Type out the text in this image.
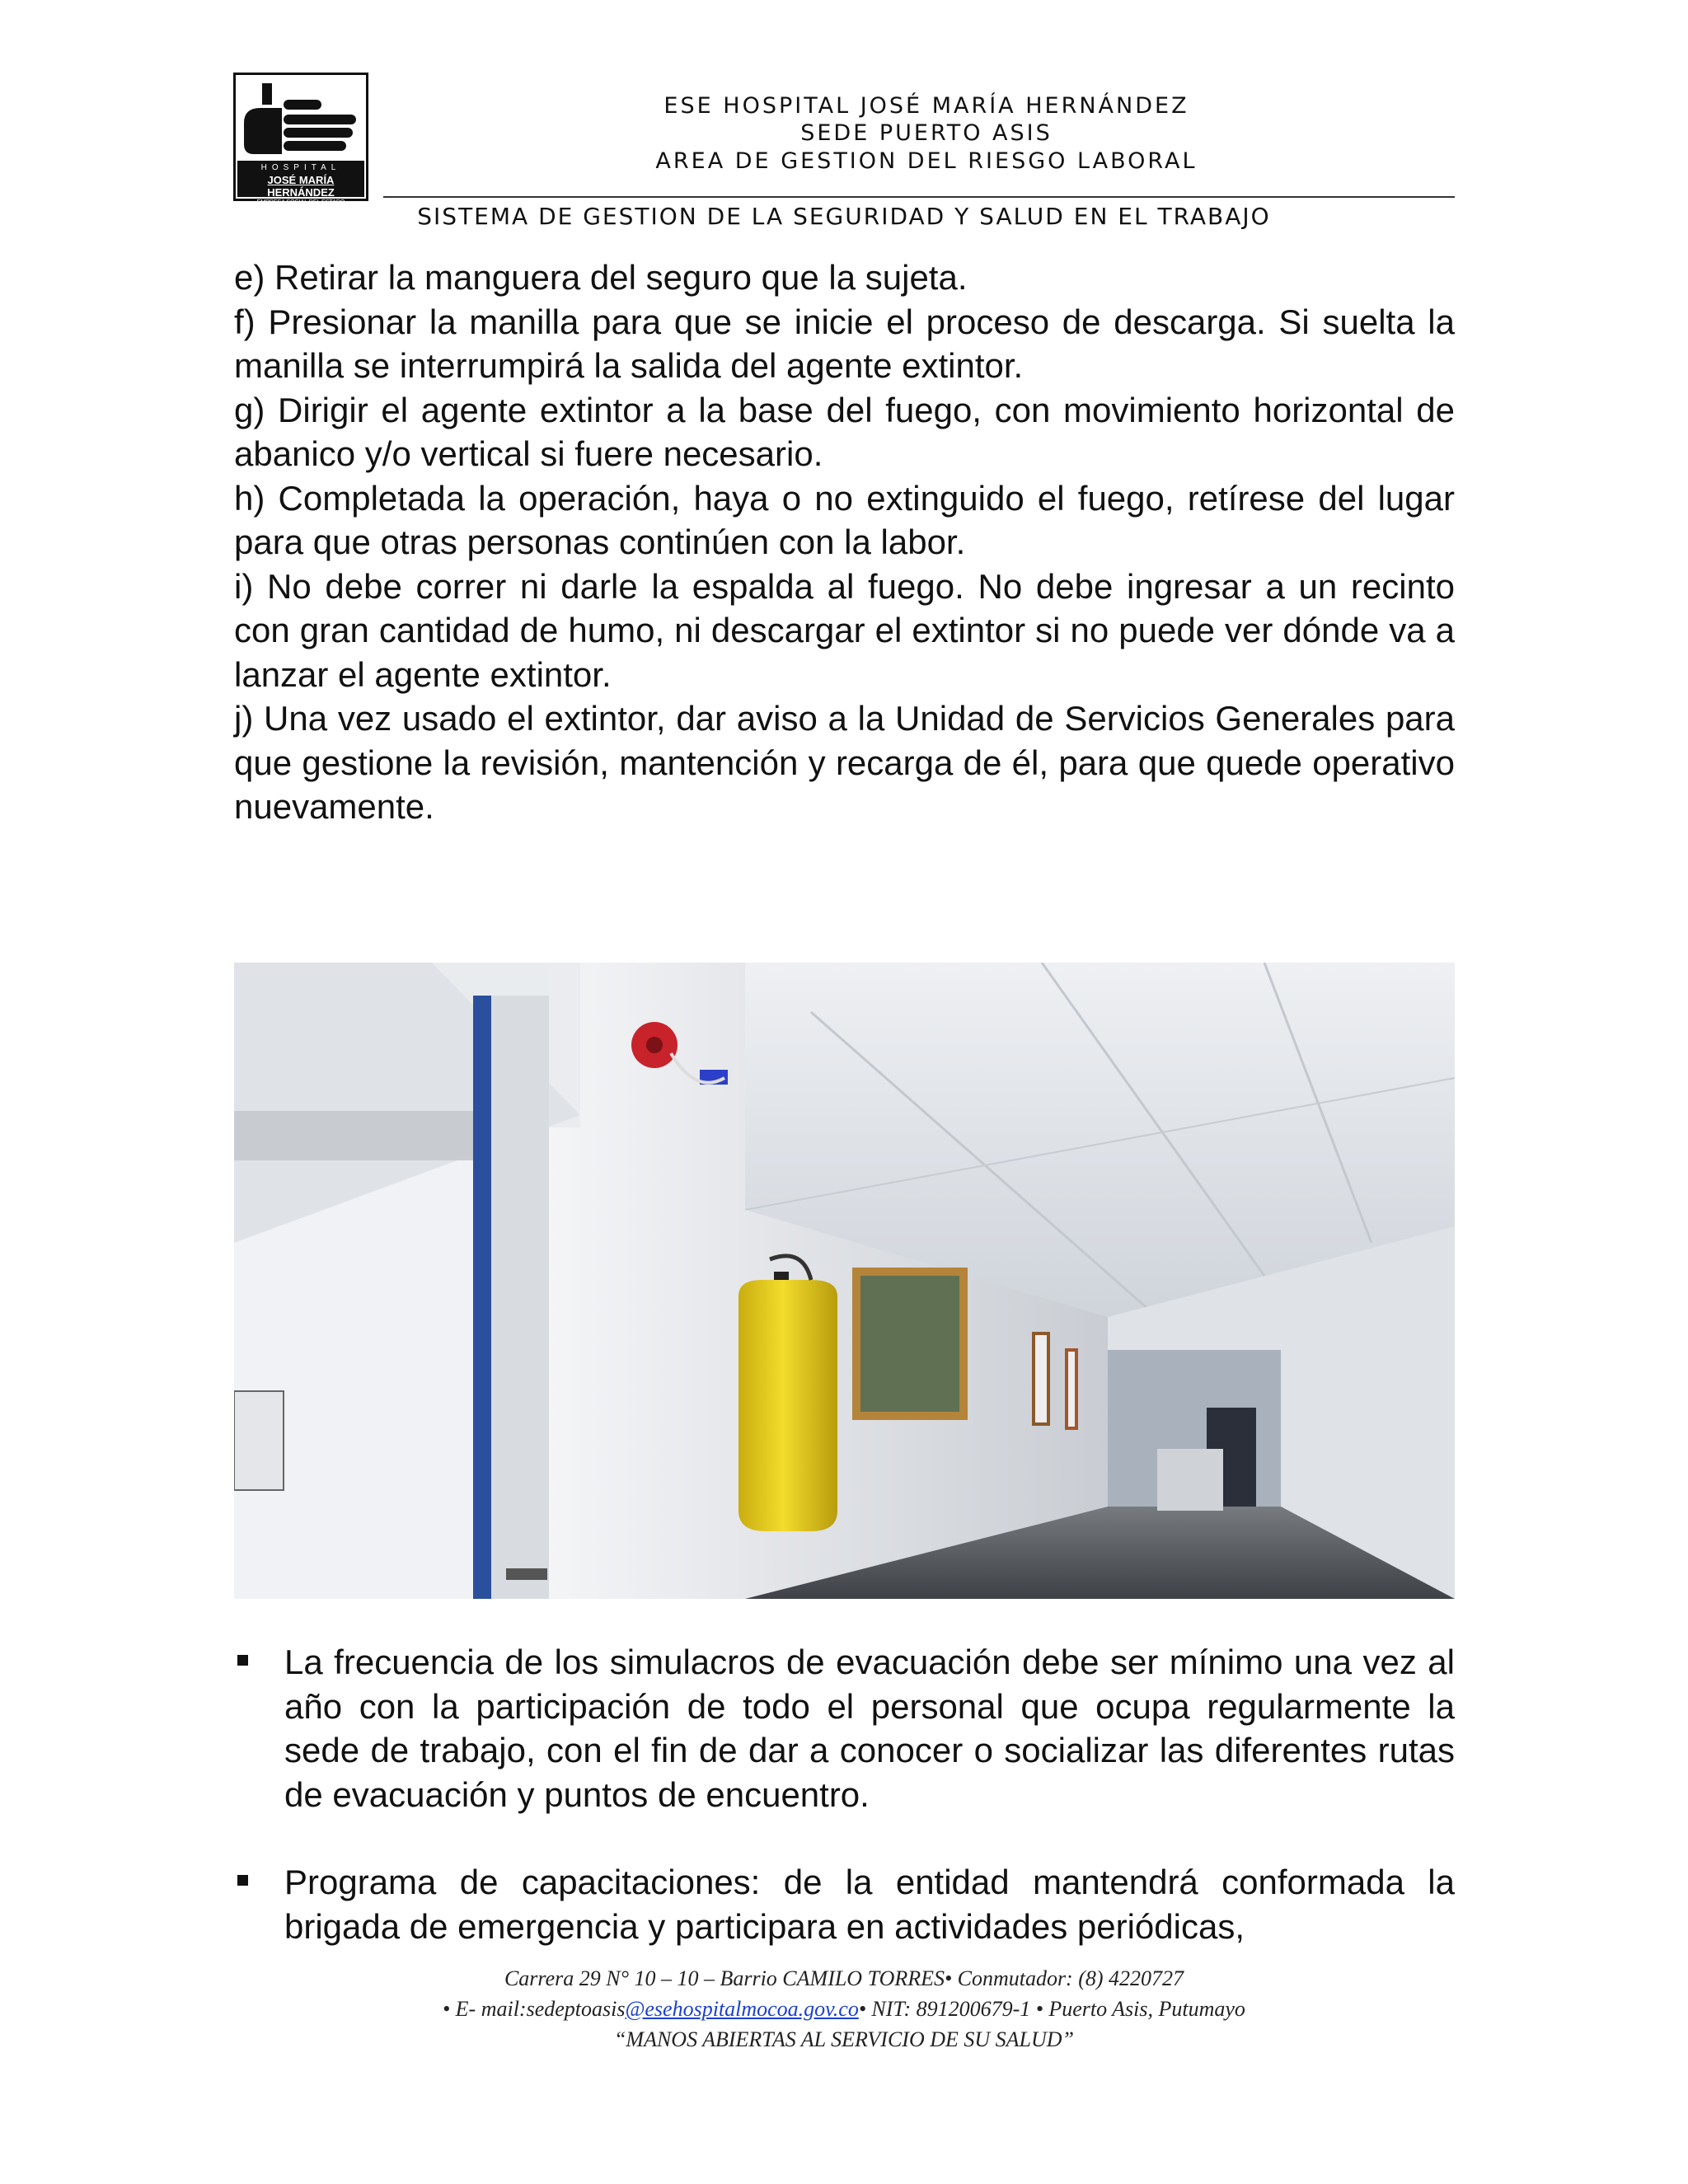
HOSPITAL
JOSÉ MARÍA HERNÁNDEZ
EMPRESA SOCIAL DEL ESTADO
ESE HOSPITAL JOSÉ MARÍA HERNÁNDEZ
SEDE PUERTO ASIS
AREA DE GESTION DEL RIESGO LABORAL
SISTEMA DE GESTION DE LA SEGURIDAD Y SALUD EN EL TRABAJO

e) Retirar la manguera del seguro que la sujeta.

f) Presionar la manilla para que se inicie el proceso de descarga. Si suelta la manilla se interrumpirá la salida del agente extintor.

g) Dirigir el agente extintor a la base del fuego, con movimiento horizontal de abanico y/o vertical si fuere necesario.

h) Completada la operación, haya o no extinguido el fuego, retírese del lugar para que otras personas continúen con la labor.

i) No debe correr ni darle la espalda al fuego. No debe ingresar a un recinto con gran cantidad de humo, ni descargar el extintor si no puede ver dónde va a lanzar el agente extintor.

j) Una vez usado el extintor, dar aviso a la Unidad de Servicios Generales para que gestione la revisión, mantención y recarga de él, para que quede operativo nuevamente.

La frecuencia de los simulacros de evacuación debe ser mínimo una vez al año con la participación de todo el personal que ocupa regularmente la sede de trabajo, con el fin de dar a conocer o socializar las diferentes rutas de evacuación y puntos de encuentro.
Programa de capacitaciones: de la entidad mantendrá conformada la brigada de emergencia y participara en actividades periódicas,
Carrera 29 N° 10 – 10 – Barrio CAMILO TORRES• Conmutador: (8) 4220727
• E- mail:sedeptoasis@esehospitalmocoa.gov.co• NIT: 891200679-1 • Puerto Asis, Putumayo
“MANOS ABIERTAS AL SERVICIO DE SU SALUD”
